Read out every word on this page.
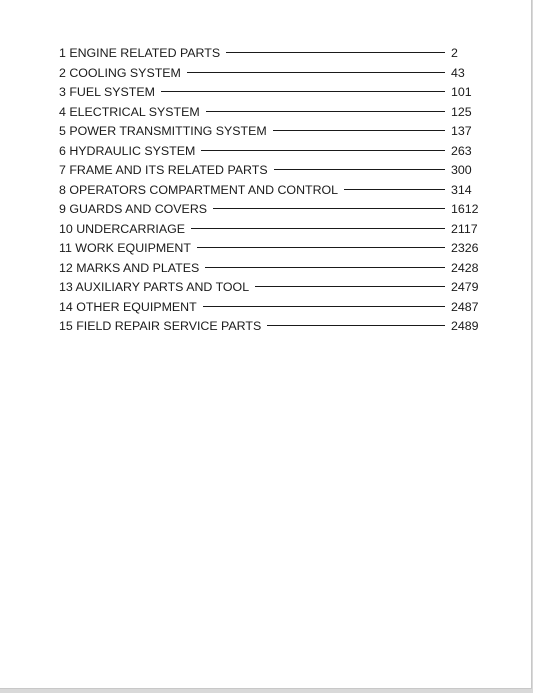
1 ENGINE RELATED PARTS	2
2 COOLING SYSTEM	43
3 FUEL SYSTEM	101
4 ELECTRICAL SYSTEM	125
5 POWER TRANSMITTING SYSTEM	137
6 HYDRAULIC SYSTEM	263
7 FRAME AND ITS RELATED PARTS	300
8 OPERATORS COMPARTMENT AND CONTROL	314
9 GUARDS AND COVERS	1612
10 UNDERCARRIAGE	2117
11 WORK EQUIPMENT	2326
12 MARKS AND PLATES	2428
13 AUXILIARY PARTS AND TOOL	2479
14 OTHER EQUIPMENT	2487
15 FIELD REPAIR SERVICE PARTS	2489
